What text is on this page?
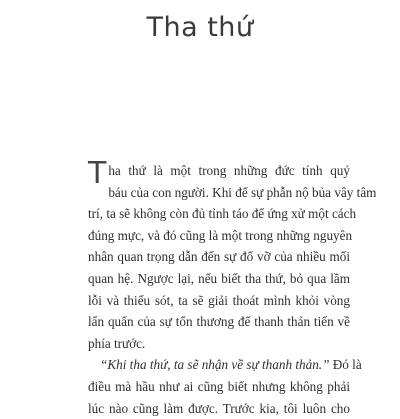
Tha thứ
T ha thứ là một trong những đức tính quý
báu của con người. Khi để sự phẫn nộ bủa vây tâm
trí, ta sẽ không còn đủ tỉnh táo để ứng xử một cách
đúng mực, và đó cũng là một trong những nguyên
nhân quan trọng dẫn đến sự đổ vỡ của nhiều mối
quan hệ. Ngược lại, nếu biết tha thứ, bỏ qua lầm
lỗi và thiếu sót, ta sẽ giải thoát mình khỏi vòng
lẩn quẩn của sự tổn thương để thanh thản tiến về
phía trước.
“Khi tha thứ, ta sẽ nhận về sự thanh thản.” Đó là
điều mà hầu như ai cũng biết nhưng không phải
lúc nào cũng làm được. Trước kia, tôi luôn cho
